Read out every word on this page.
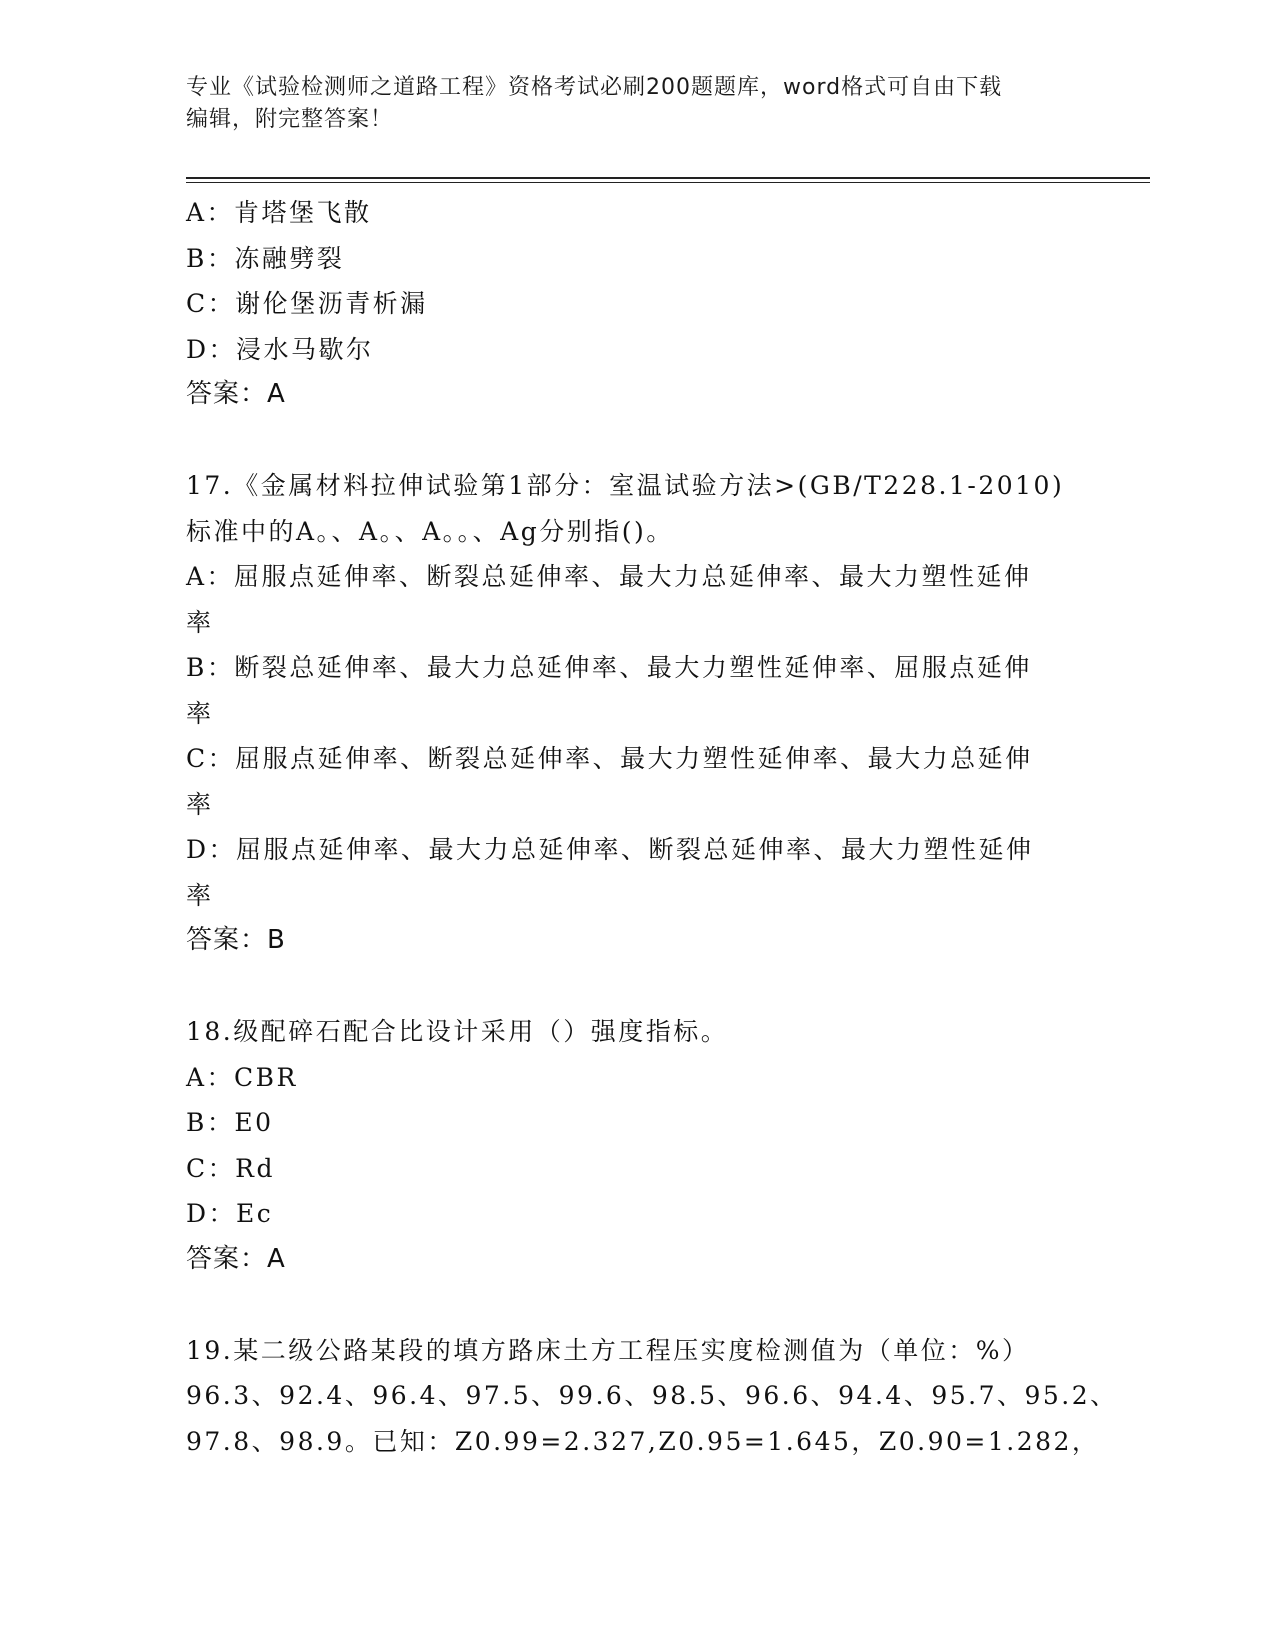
专业《试验检测师之道路工程》资格考试必刷200题题库，word格式可自由下载
编辑，附完整答案！
A：肯塔堡飞散
B：冻融劈裂
C：谢伦堡沥青析漏
D：浸水马歇尔
答案：A
17.《金属材料拉伸试验第1部分：室温试验方法>(GB/T228.1-2010)
标准中的A。、A。、A。。、Ag分别指()。
A：屈服点延伸率、断裂总延伸率、最大力总延伸率、最大力塑性延伸
率
B：断裂总延伸率、最大力总延伸率、最大力塑性延伸率、屈服点延伸
率
C：屈服点延伸率、断裂总延伸率、最大力塑性延伸率、最大力总延伸
率
D：屈服点延伸率、最大力总延伸率、断裂总延伸率、最大力塑性延伸
率
答案：B
18.级配碎石配合比设计采用（）强度指标。
A：CBR
B：E0
C：Rd
D：Ec
答案：A
19.某二级公路某段的填方路床土方工程压实度检测值为（单位：%）
96.3、92.4、96.4、97.5、99.6、98.5、96.6、94.4、95.7、95.2、
97.8、98.9。已知：Z0.99=2.327,Z0.95=1.645，Z0.90=1.282，
